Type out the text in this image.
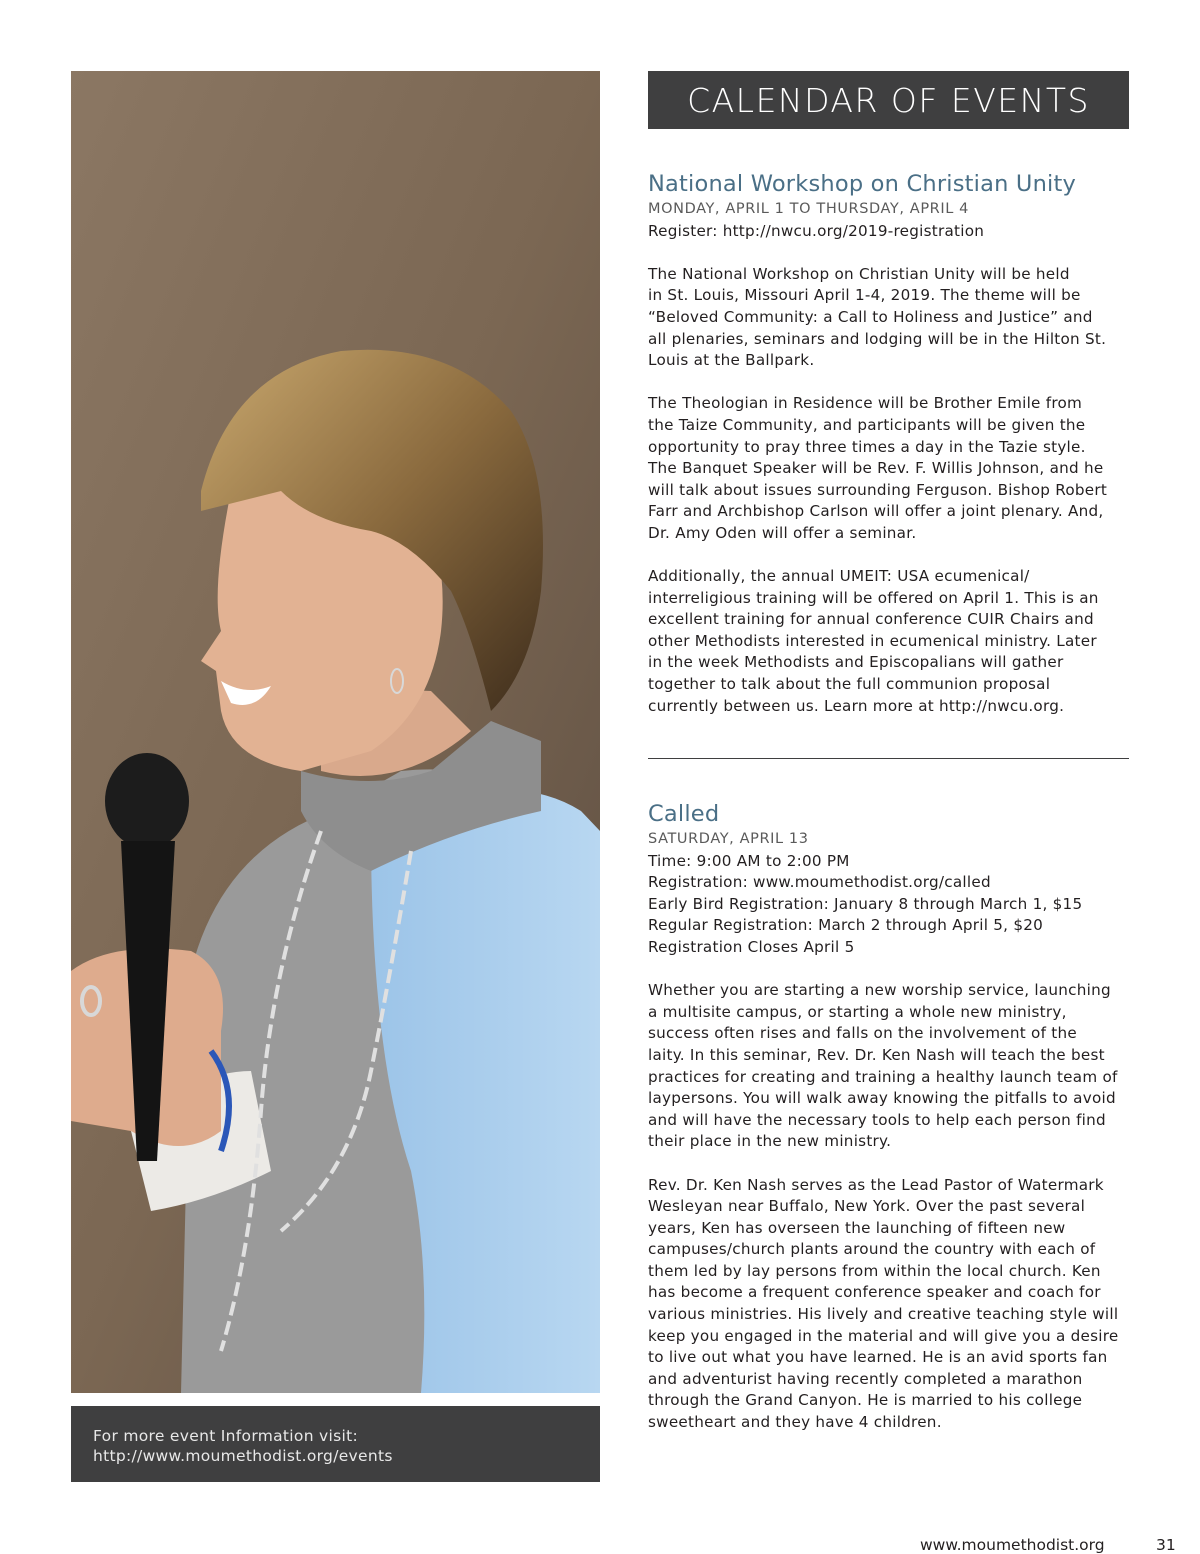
For more event Information visit:
http://www.moumethodist.org/events
CALENDAR OF EVENTS

National Workshop on Christian Unity

MONDAY, APRIL 1 TO THURSDAY, APRIL 4

Register: http://nwcu.org/2019-registration

The National Workshop on Christian Unity will be held

in St. Louis, Missouri April 1-4, 2019. The theme will be

“Beloved Community: a Call to Holiness and Justice” and

all plenaries, seminars and lodging will be in the Hilton St.

Louis at the Ballpark.

The Theologian in Residence will be Brother Emile from

the Taize Community, and participants will be given the

opportunity to pray three times a day in the Tazie style.

The Banquet Speaker will be Rev. F. Willis Johnson, and he

will talk about issues surrounding Ferguson. Bishop Robert

Farr and Archbishop Carlson will offer a joint plenary. And,

Dr. Amy Oden will offer a seminar.

Additionally, the annual UMEIT: USA ecumenical/

interreligious training will be offered on April 1. This is an

excellent training for annual conference CUIR Chairs and

other Methodists interested in ecumenical ministry. Later

in the week Methodists and Episcopalians will gather

together to talk about the full communion proposal

currently between us. Learn more at http://nwcu.org.

Called

SATURDAY, APRIL 13

Time: 9:00 AM to 2:00 PM

Registration: www.moumethodist.org/called

Early Bird Registration: January 8 through March 1, $15

Regular Registration: March 2 through April 5, $20

Registration Closes April 5

Whether you are starting a new worship service, launching

a multisite campus, or starting a whole new ministry,

success often rises and falls on the involvement of the

laity. In this seminar, Rev. Dr. Ken Nash will teach the best

practices for creating and training a healthy launch team of

laypersons. You will walk away knowing the pitfalls to avoid

and will have the necessary tools to help each person find

their place in the new ministry.

Rev. Dr. Ken Nash serves as the Lead Pastor of Watermark

Wesleyan near Buffalo, New York. Over the past several

years, Ken has overseen the launching of fifteen new

campuses/church plants around the country with each of

them led by lay persons from within the local church. Ken

has become a frequent conference speaker and coach for

various ministries. His lively and creative teaching style will

keep you engaged in the material and will give you a desire

to live out what you have learned. He is an avid sports fan

and adventurist having recently completed a marathon

through the Grand Canyon. He is married to his college

sweetheart and they have 4 children.

www.moumethodist.org	31
